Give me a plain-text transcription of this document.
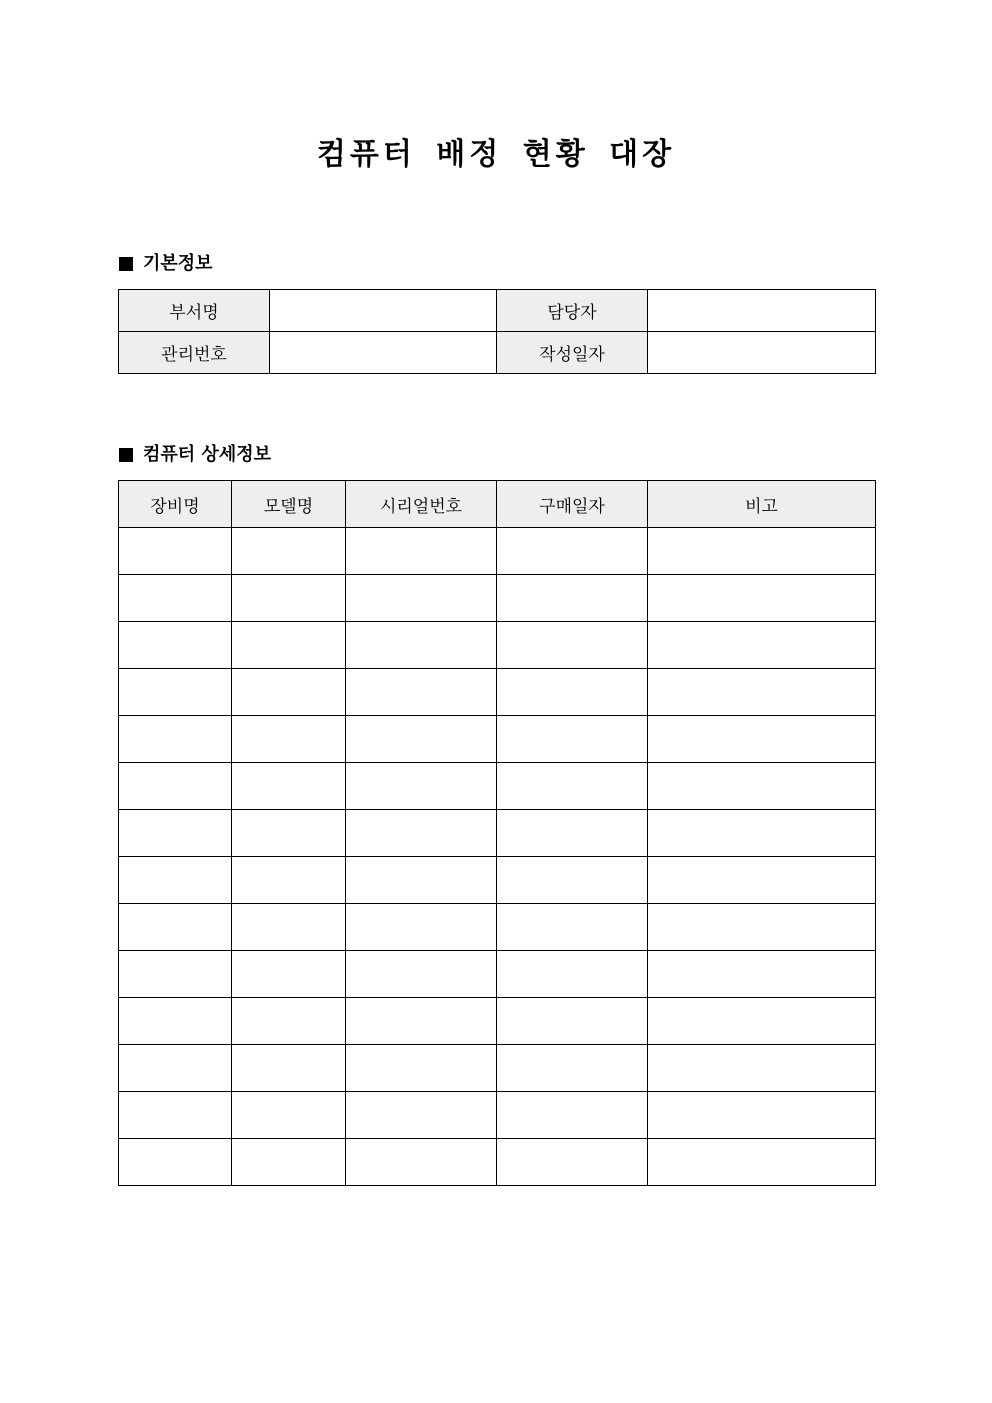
컴퓨터 배정 현황 대장
기본정보
부서명		담당자	
관리번호		작성일자	
컴퓨터 상세정보
장비명	모델명	시리얼번호	구매일자	비고
